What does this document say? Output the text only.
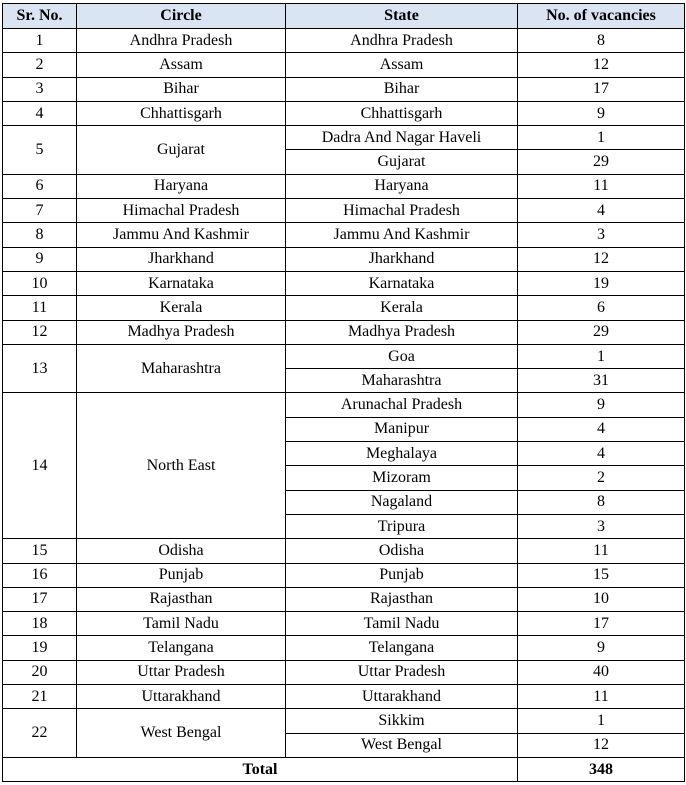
Sr. No.	Circle	State	No. of vacancies
1	Andhra Pradesh	Andhra Pradesh	8
2	Assam	Assam	12
3	Bihar	Bihar	17
4	Chhattisgarh	Chhattisgarh	9
5	Gujarat	Dadra And Nagar Haveli	1
		Gujarat	29
6	Haryana	Haryana	11
7	Himachal Pradesh	Himachal Pradesh	4
8	Jammu And Kashmir	Jammu And Kashmir	3
9	Jharkhand	Jharkhand	12
10	Karnataka	Karnataka	19
11	Kerala	Kerala	6
12	Madhya Pradesh	Madhya Pradesh	29
13	Maharashtra	Goa	1
		Maharashtra	31
14	North East	Arunachal Pradesh	9
		Manipur	4
		Meghalaya	4
		Mizoram	2
		Nagaland	8
		Tripura	3
15	Odisha	Odisha	11
16	Punjab	Punjab	15
17	Rajasthan	Rajasthan	10
18	Tamil Nadu	Tamil Nadu	17
19	Telangana	Telangana	9
20	Uttar Pradesh	Uttar Pradesh	40
21	Uttarakhand	Uttarakhand	11
22	West Bengal	Sikkim	1
		West Bengal	12
Total			348
